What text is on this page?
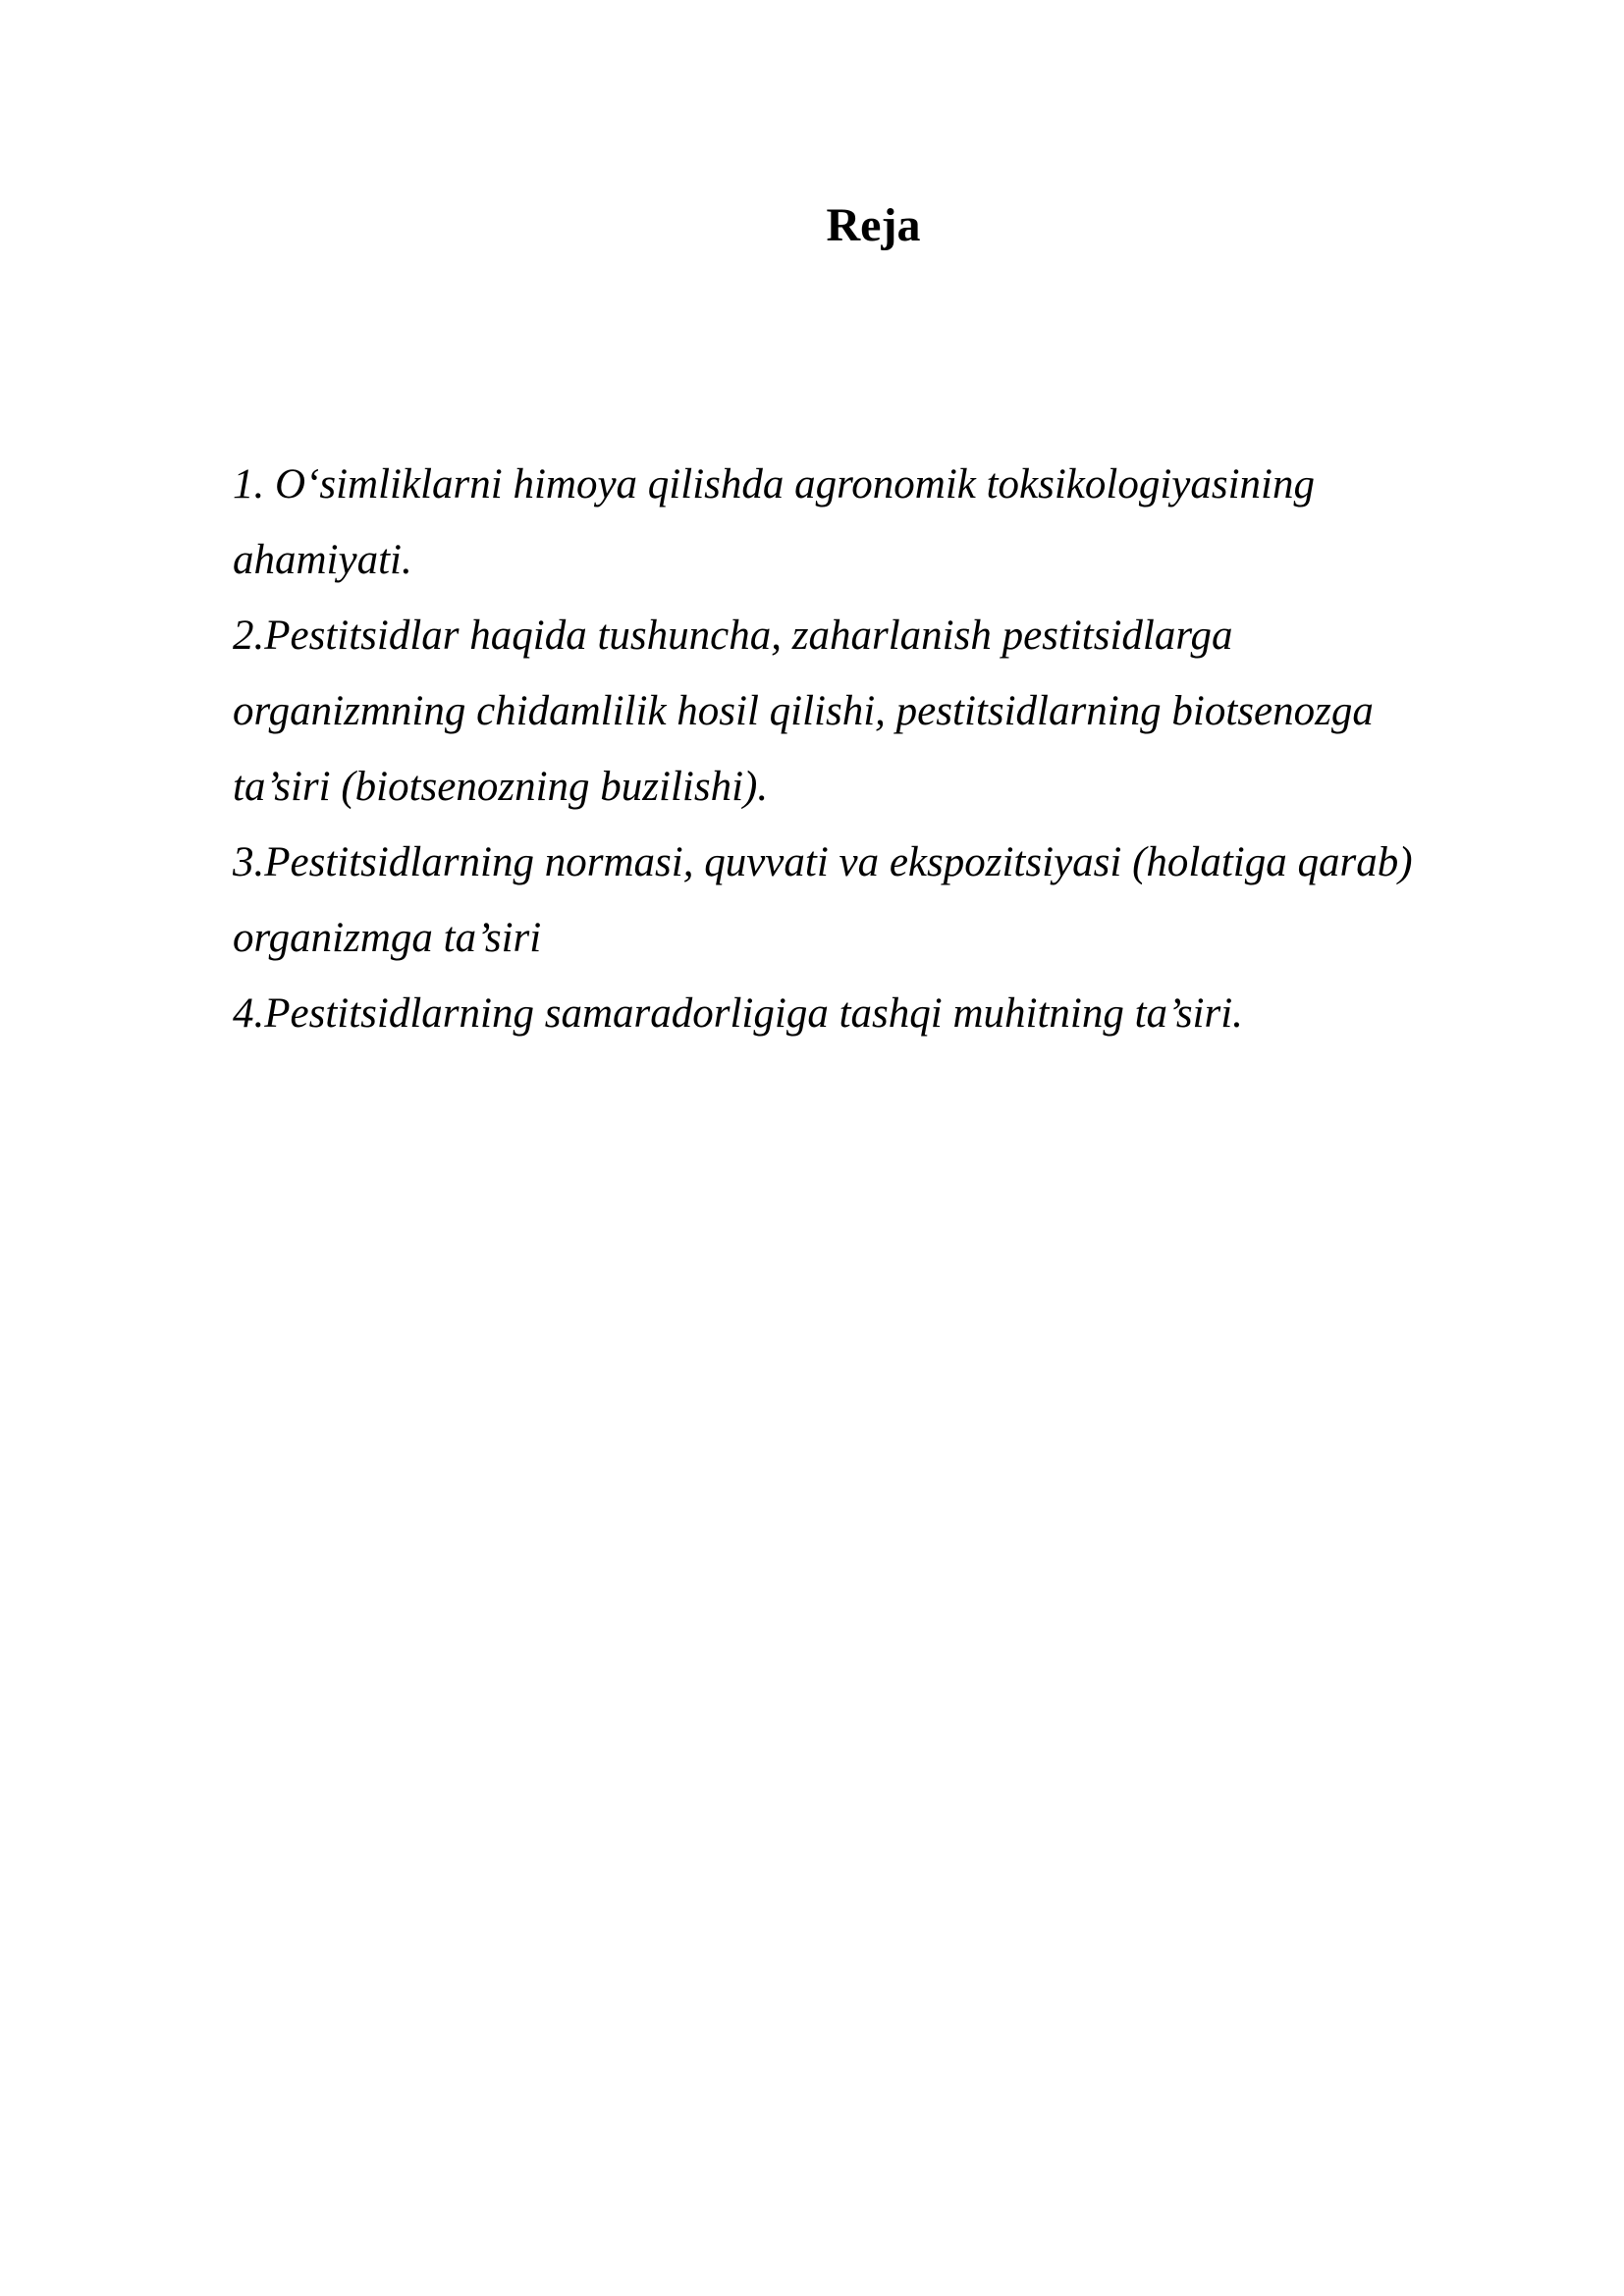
Reja
1. O‘simliklarni himoya qilishda agronomik toksikologiyasining
ahamiyati.
2.Pestitsidlar haqida tushuncha, zaharlanish pestitsidlarga
organizmning chidamlilik hosil qilishi, pestitsidlarning biotsenozga
ta’siri (biotsenozning buzilishi).
3.Pestitsidlarning normasi, quvvati va ekspozitsiyasi (holatiga qarab)
organizmga ta’siri
4.Pestitsidlarning samaradorligiga tashqi muhitning ta’siri.
